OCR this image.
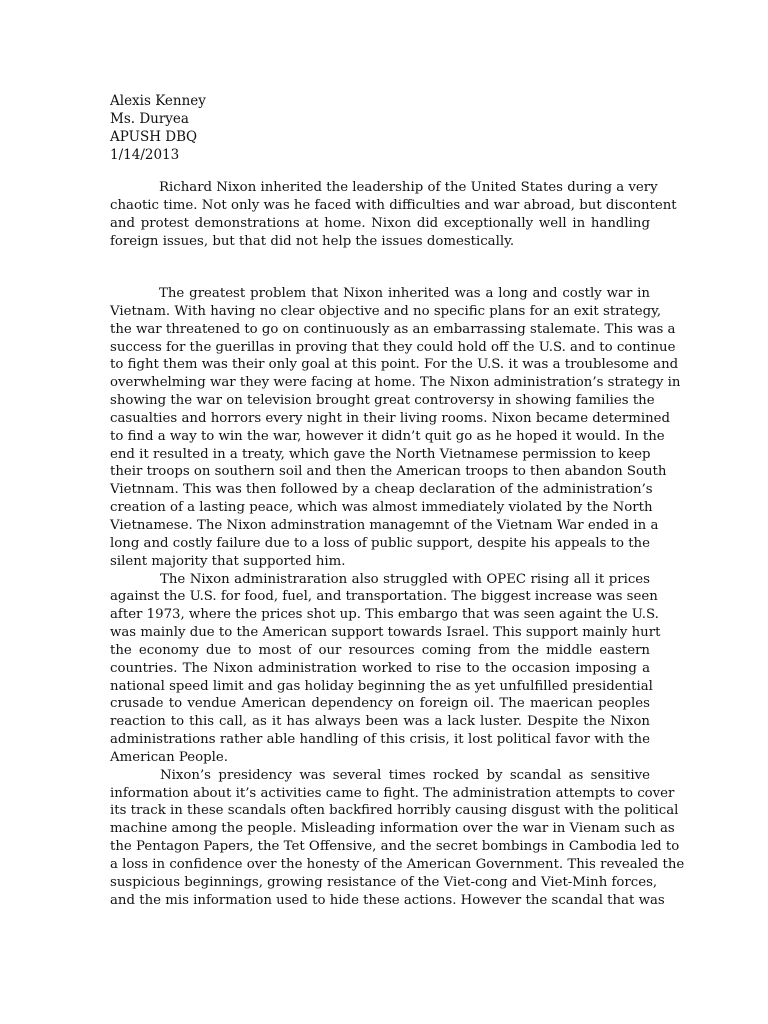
Alexis Kenney
Ms. Duryea
APUSH DBQ
1/14/2013
Richard Nixon inherited the leadership of the United States during a very
chaotic time. Not only was he faced with difficulties and war abroad, but discontent
and protest demonstrations at home. Nixon did exceptionally well in handling
foreign issues, but that did not help the issues domestically.
The greatest problem that Nixon inherited was a long and costly war in
Vietnam. With having no clear objective and no specific plans for an exit strategy,
the war threatened to go on continuously as an embarrassing stalemate. This was a
success for the guerillas in proving that they could hold off the U.S. and to continue
to fight them was their only goal at this point. For the U.S. it was a troublesome and
overwhelming war they were facing at home. The Nixon administration’s strategy in
showing the war on television brought great controversy in showing families the
casualties and horrors every night in their living rooms. Nixon became determined
to find a way to win the war, however it didn’t quit go as he hoped it would. In the
end it resulted in a treaty, which gave the North Vietnamese permission to keep
their troops on southern soil and then the American troops to then abandon South
Vietnnam. This was then followed by a cheap declaration of the administration’s
creation of a lasting peace, which was almost immediately violated by the North
Vietnamese. The Nixon adminstration managemnt of the Vietnam War ended in a
long and costly failure due to a loss of public support, despite his appeals to the
silent majority that supported him.
The Nixon administraration also struggled with OPEC rising all it prices
against the U.S. for food, fuel, and transportation. The biggest increase was seen
after 1973, where the prices shot up. This embargo that was seen againt the U.S.
was mainly due to the American support towards Israel. This support mainly hurt
the economy due to most of our resources coming from the middle eastern
countries. The Nixon administration worked to rise to the occasion imposing a
national speed limit and gas holiday beginning the as yet unfulfilled presidential
crusade to vendue American dependency on foreign oil. The maerican peoples
reaction to this call, as it has always been was a lack luster. Despite the Nixon
administrations rather able handling of this crisis, it lost political favor with the
American People.
Nixon’s presidency was several times rocked by scandal as sensitive
information about it’s activities came to fight. The administration attempts to cover
its track in these scandals often backfired horribly causing disgust with the political
machine among the people. Misleading information over the war in Vienam such as
the Pentagon Papers, the Tet Offensive, and the secret bombings in Cambodia led to
a loss in confidence over the honesty of the American Government. This revealed the
suspicious beginnings, growing resistance of the Viet-cong and Viet-Minh forces,
and the mis information used to hide these actions. However the scandal that was
